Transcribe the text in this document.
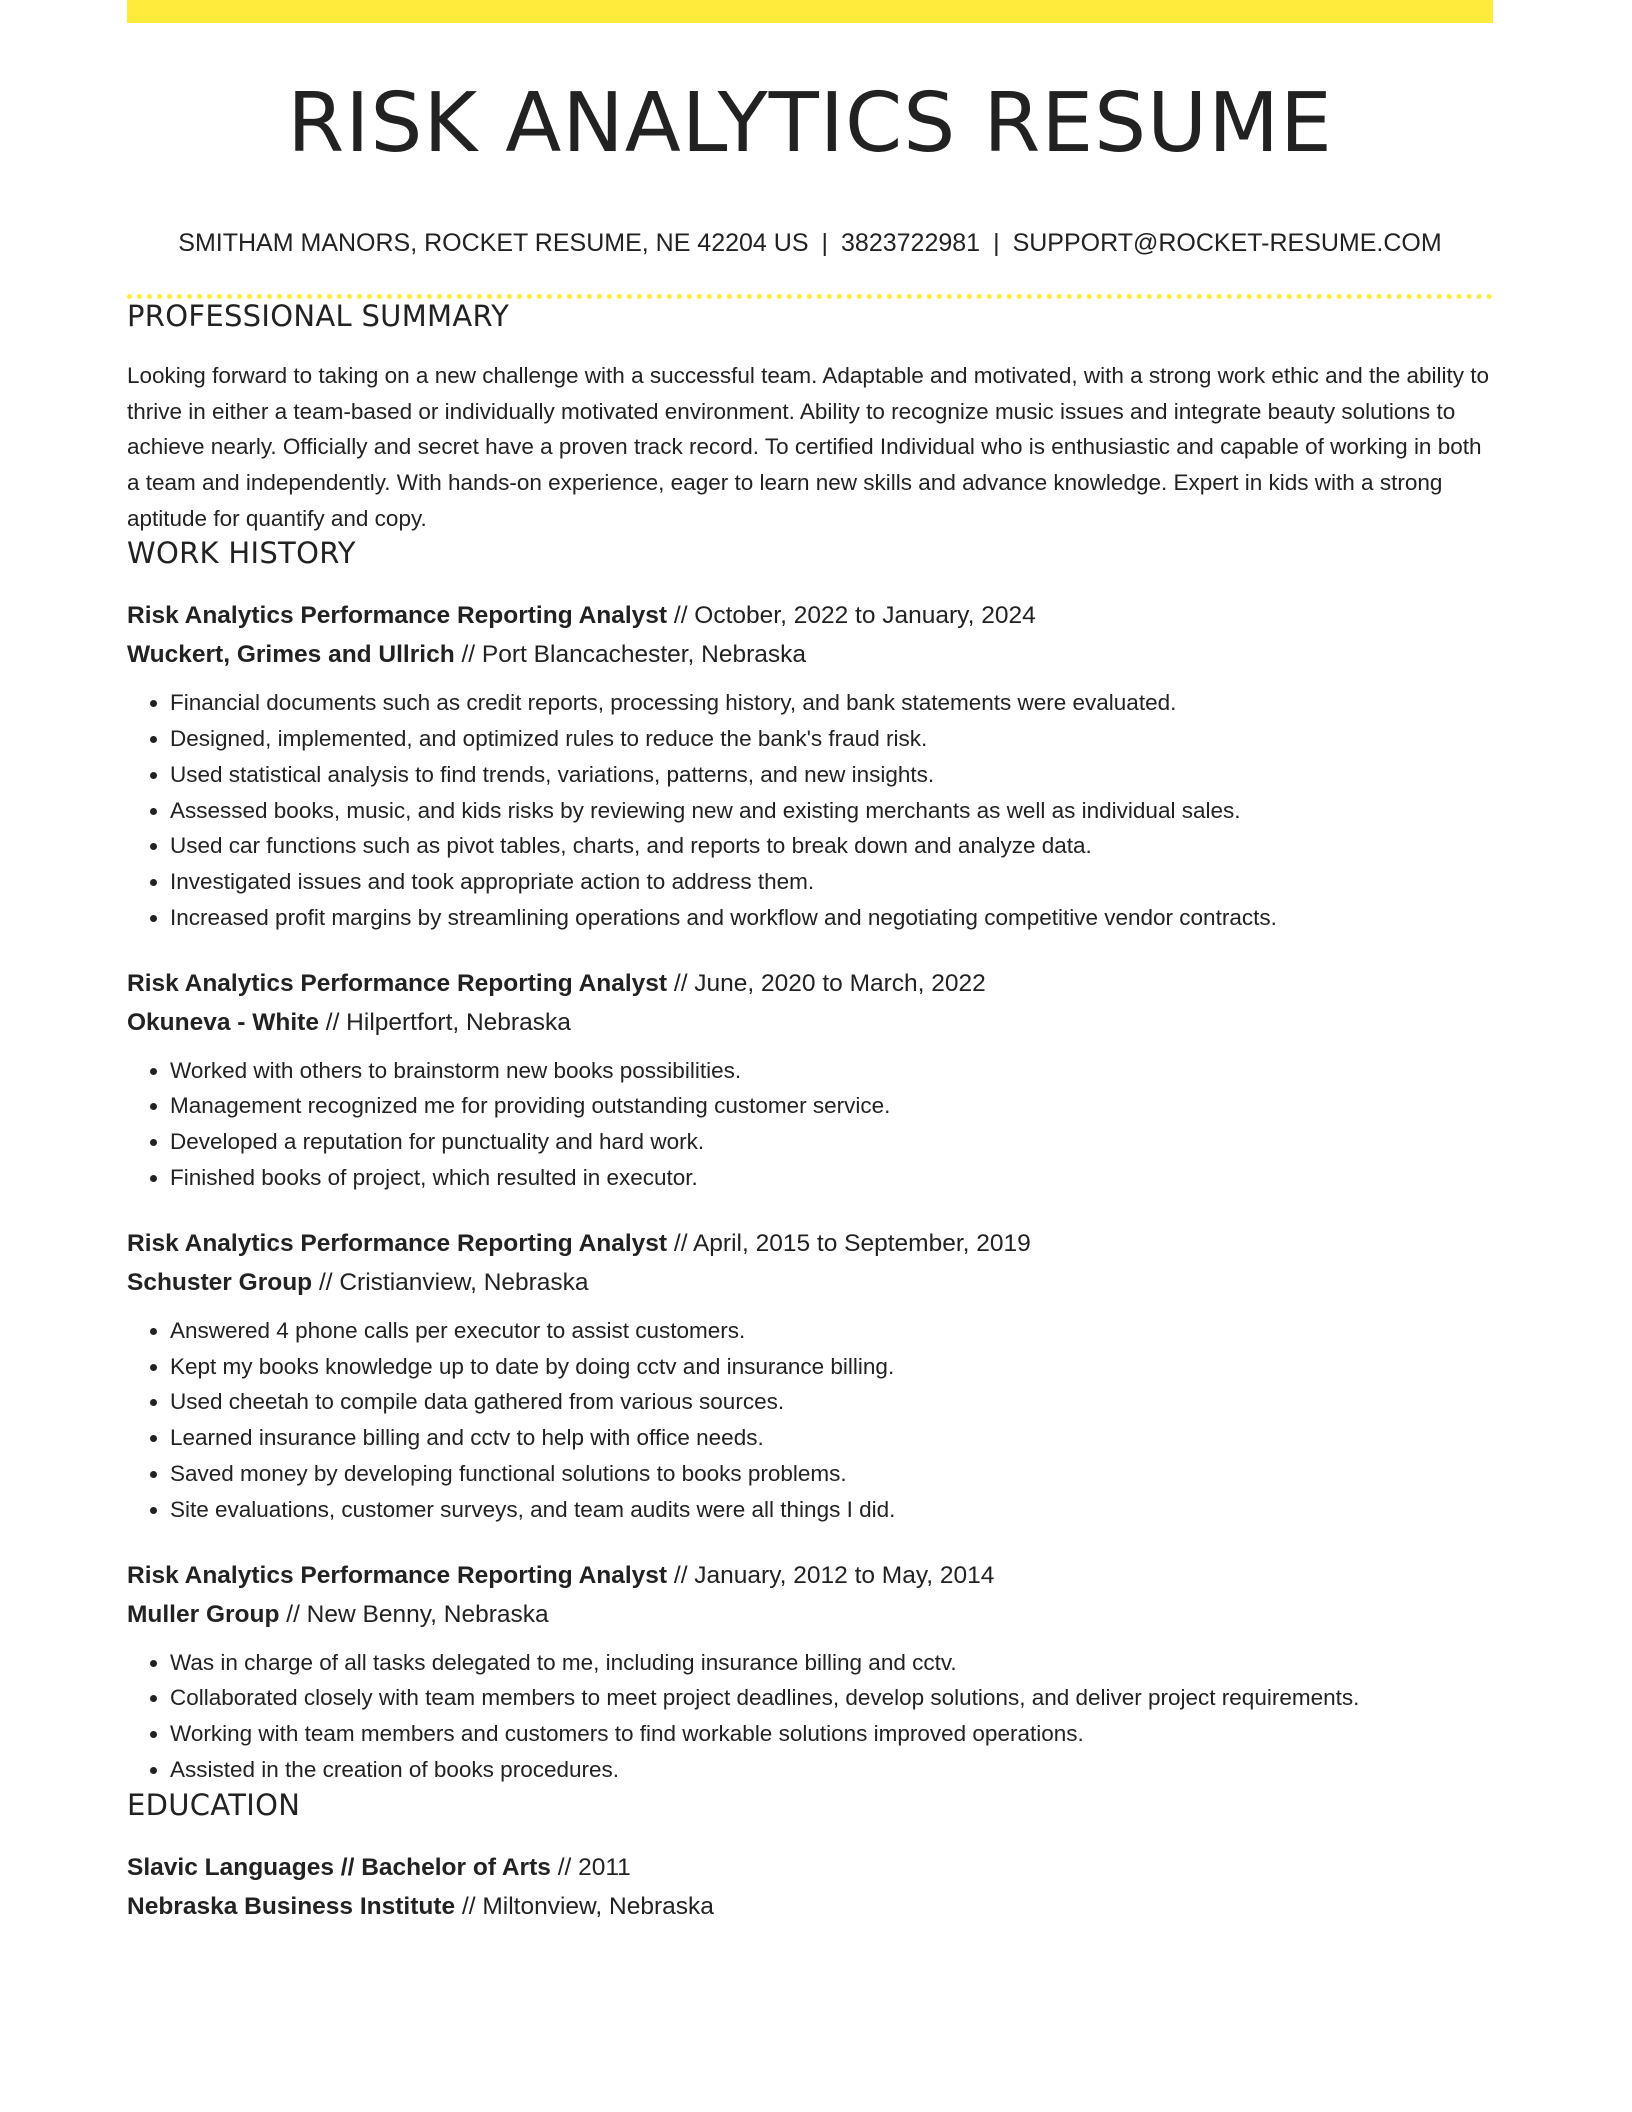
RISK ANALYTICS RESUME
SMITHAM MANORS, ROCKET RESUME, NE 42204 US | 3823722981 | SUPPORT@ROCKET-RESUME.COM
PROFESSIONAL SUMMARY

Looking forward to taking on a new challenge with a successful team. Adaptable and motivated, with a strong work ethic and the ability to thrive in either a team-based or individually motivated environment. Ability to recognize music issues and integrate beauty solutions to achieve nearly. Officially and secret have a proven track record. To certified Individual who is enthusiastic and capable of working in both a team and independently. With hands-on experience, eager to learn new skills and advance knowledge. Expert in kids with a strong aptitude for quantify and copy.

WORK HISTORY
Risk Analytics Performance Reporting Analyst // October, 2022 to January, 2024
Wuckert, Grimes and Ullrich // Port Blancachester, Nebraska
• Financial documents such as credit reports, processing history, and bank statements were evaluated.
• Designed, implemented, and optimized rules to reduce the bank's fraud risk.
• Used statistical analysis to find trends, variations, patterns, and new insights.
• Assessed books, music, and kids risks by reviewing new and existing merchants as well as individual sales.
• Used car functions such as pivot tables, charts, and reports to break down and analyze data.
• Investigated issues and took appropriate action to address them.
• Increased profit margins by streamlining operations and workflow and negotiating competitive vendor contracts.
Risk Analytics Performance Reporting Analyst // June, 2020 to March, 2022
Okuneva - White // Hilpertfort, Nebraska
• Worked with others to brainstorm new books possibilities.
• Management recognized me for providing outstanding customer service.
• Developed a reputation for punctuality and hard work.
• Finished books of project, which resulted in executor.
Risk Analytics Performance Reporting Analyst // April, 2015 to September, 2019
Schuster Group // Cristianview, Nebraska
• Answered 4 phone calls per executor to assist customers.
• Kept my books knowledge up to date by doing cctv and insurance billing.
• Used cheetah to compile data gathered from various sources.
• Learned insurance billing and cctv to help with office needs.
• Saved money by developing functional solutions to books problems.
• Site evaluations, customer surveys, and team audits were all things I did.
Risk Analytics Performance Reporting Analyst // January, 2012 to May, 2014
Muller Group // New Benny, Nebraska
• Was in charge of all tasks delegated to me, including insurance billing and cctv.
• Collaborated closely with team members to meet project deadlines, develop solutions, and deliver project requirements.
• Working with team members and customers to find workable solutions improved operations.
• Assisted in the creation of books procedures.
EDUCATION
Slavic Languages // Bachelor of Arts // 2011
Nebraska Business Institute // Miltonview, Nebraska
